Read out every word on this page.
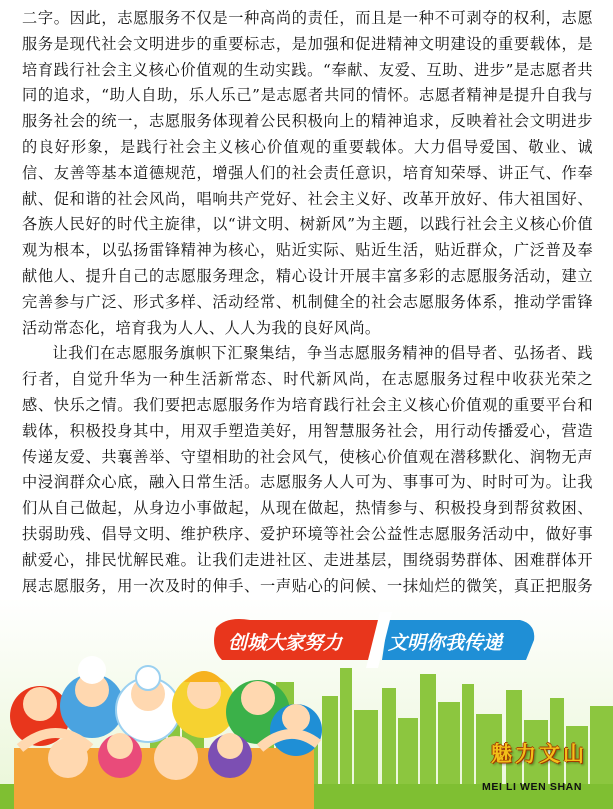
二字。因此，志愿服务不仅是一种高尚的责任，而且是一种不可剥夺的权利，志愿服务是现代社会文明进步的重要标志，是加强和促进精神文明建设的重要载体，是培育践行社会主义核心价值观的生动实践。“奉献、友爱、互助、进步”是志愿者共同的追求，“助人自助，乐人乐己”是志愿者共同的情怀。志愿者精神是提升自我与服务社会的统一，志愿服务体现着公民积极向上的精神追求，反映着社会文明进步的良好形象，是践行社会主义核心价值观的重要载体。大力倡导爱国、敬业、诚信、友善等基本道德规范，增强人们的社会责任意识，培育知荣辱、讲正气、作奉献、促和谐的社会风尚，唱响共产党好、社会主义好、改革开放好、伟大祖国好、各族人民好的时代主旋律，以“讲文明、树新风”为主题，以践行社会主义核心价值观为根本，以弘扬雷锋精神为核心，贴近实际、贴近生活，贴近群众，广泛普及奉献他人、提升自己的志愿服务理念，精心设计开展丰富多彩的志愿服务活动，建立完善参与广泛、形式多样、活动经常、机制健全的社会志愿服务体系，推动学雷锋活动常态化，培育我为人人、人人为我的良好风尚。

让我们在志愿服务旗帜下汇聚集结，争当志愿服务精神的倡导者、弘扬者、践行者，自觉升华为一种生活新常态、时代新风尚，在志愿服务过程中收获光荣之感、快乐之情。我们要把志愿服务作为培育践行社会主义核心价值观的重要平台和载体，积极投身其中，用双手塑造美好，用智慧服务社会，用行动传播爱心，营造传递友爱、共襄善举、守望相助的社会风气，使核心价值观在潜移默化、润物无声中浸润群众心底，融入日常生活。志愿服务人人可为、事事可为、时时可为。让我们从自己做起，从身边小事做起，从现在做起，热情参与、积极投身到帮贫救困、扶弱助残、倡导文明、维护秩序、爱护环境等社会公益性志愿服务活动中，做好事献爱心，排民忧解民难。让我们走进社区、走进基层，围绕弱势群体、困难群体开展志愿服务，用一次及时的伸手、一声贴心的问候、一抹灿烂的微笑，真正把服务

创城大家努力 文明你我传递
魅力文山
MEI LI WEN SHAN
